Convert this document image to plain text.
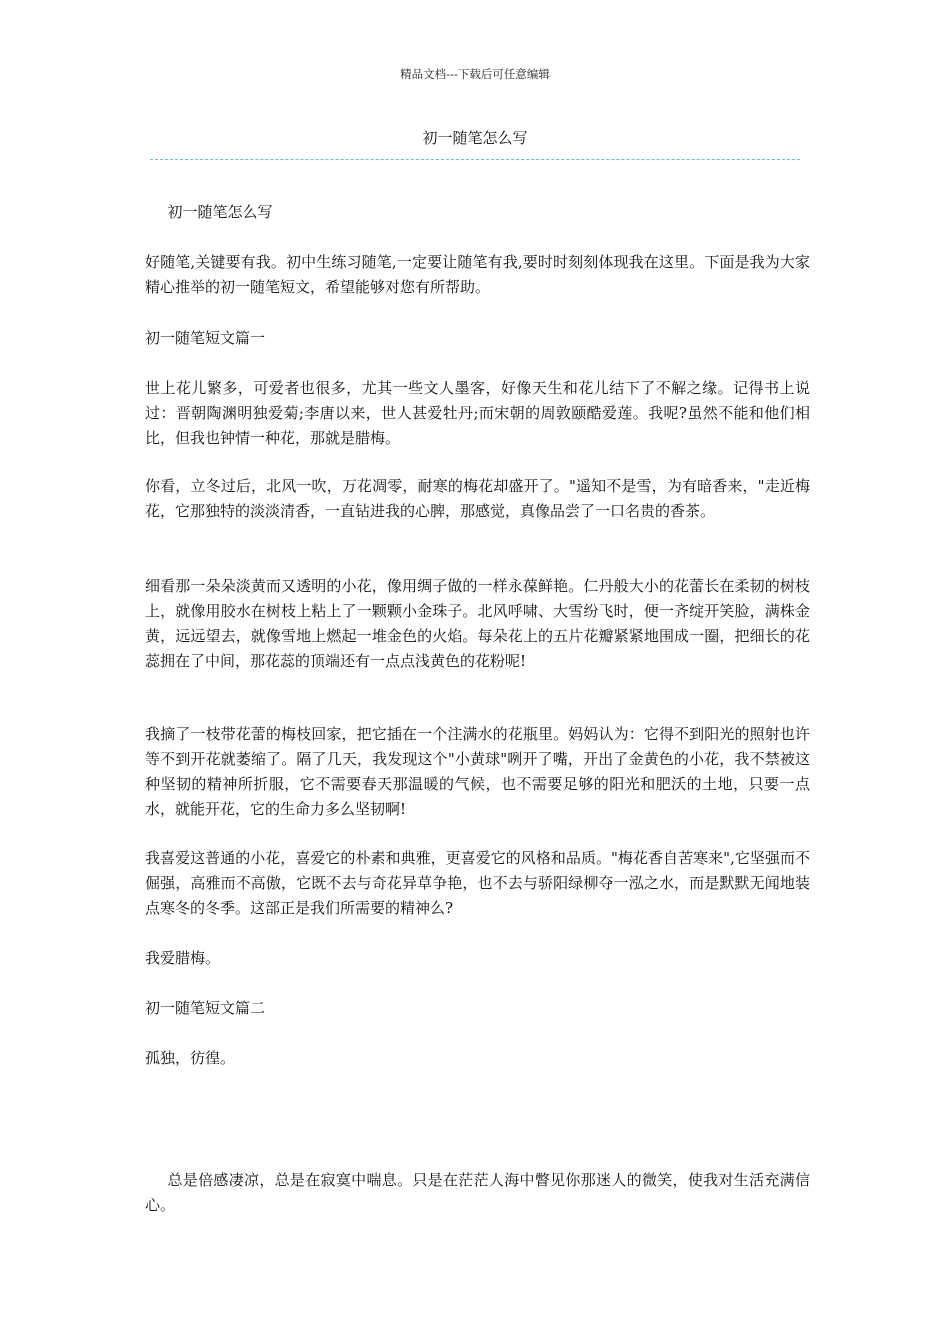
精品文档---下载后可任意编辑
初一随笔怎么写

初一随笔怎么写

好随笔,关键要有我。初中生练习随笔,一定要让随笔有我,要时时刻刻体现我在这里。下面是我为大家精心推举的初一随笔短文，希望能够对您有所帮助。

初一随笔短文篇一

世上花儿繁多，可爱者也很多，尤其一些文人墨客，好像天生和花儿结下了不解之缘。记得书上说过：晋朝陶渊明独爱菊;李唐以来，世人甚爱牡丹;而宋朝的周敦颐酷爱莲。我呢?虽然不能和他们相比，但我也钟情一种花，那就是腊梅。

你看，立冬过后，北风一吹，万花凋零，耐寒的梅花却盛开了。"遥知不是雪，为有暗香来，"走近梅花，它那独特的淡淡清香，一直钻进我的心脾，那感觉，真像品尝了一口名贵的香茶。

细看那一朵朵淡黄而又透明的小花，像用绸子做的一样永葆鲜艳。仁丹般大小的花蕾长在柔韧的树枝上，就像用胶水在树枝上粘上了一颗颗小金珠子。北风呼啸、大雪纷飞时，便一齐绽开笑脸，满株金黄，远远望去，就像雪地上燃起一堆金色的火焰。每朵花上的五片花瓣紧紧地围成一圈，把细长的花蕊拥在了中间，那花蕊的顶端还有一点点浅黄色的花粉呢!

我摘了一枝带花蕾的梅枝回家，把它插在一个注满水的花瓶里。妈妈认为：它得不到阳光的照射也许等不到开花就萎缩了。隔了几天，我发现这个"小黄球"咧开了嘴，开出了金黄色的小花，我不禁被这种坚韧的精神所折服，它不需要春天那温暖的气候，也不需要足够的阳光和肥沃的土地，只要一点水，就能开花，它的生命力多么坚韧啊!

我喜爱这普通的小花，喜爱它的朴素和典雅，更喜爱它的风格和品质。"梅花香自苦寒来",它坚强而不倔强，高雅而不高傲，它既不去与奇花异草争艳，也不去与骄阳绿柳夺一泓之水，而是默默无闻地装点寒冬的冬季。这部正是我们所需要的精神么?

我爱腊梅。

初一随笔短文篇二

孤独，彷徨。

总是倍感凄凉，总是在寂寞中喘息。只是在茫茫人海中瞥见你那迷人的微笑，使我对生活充满信心。
